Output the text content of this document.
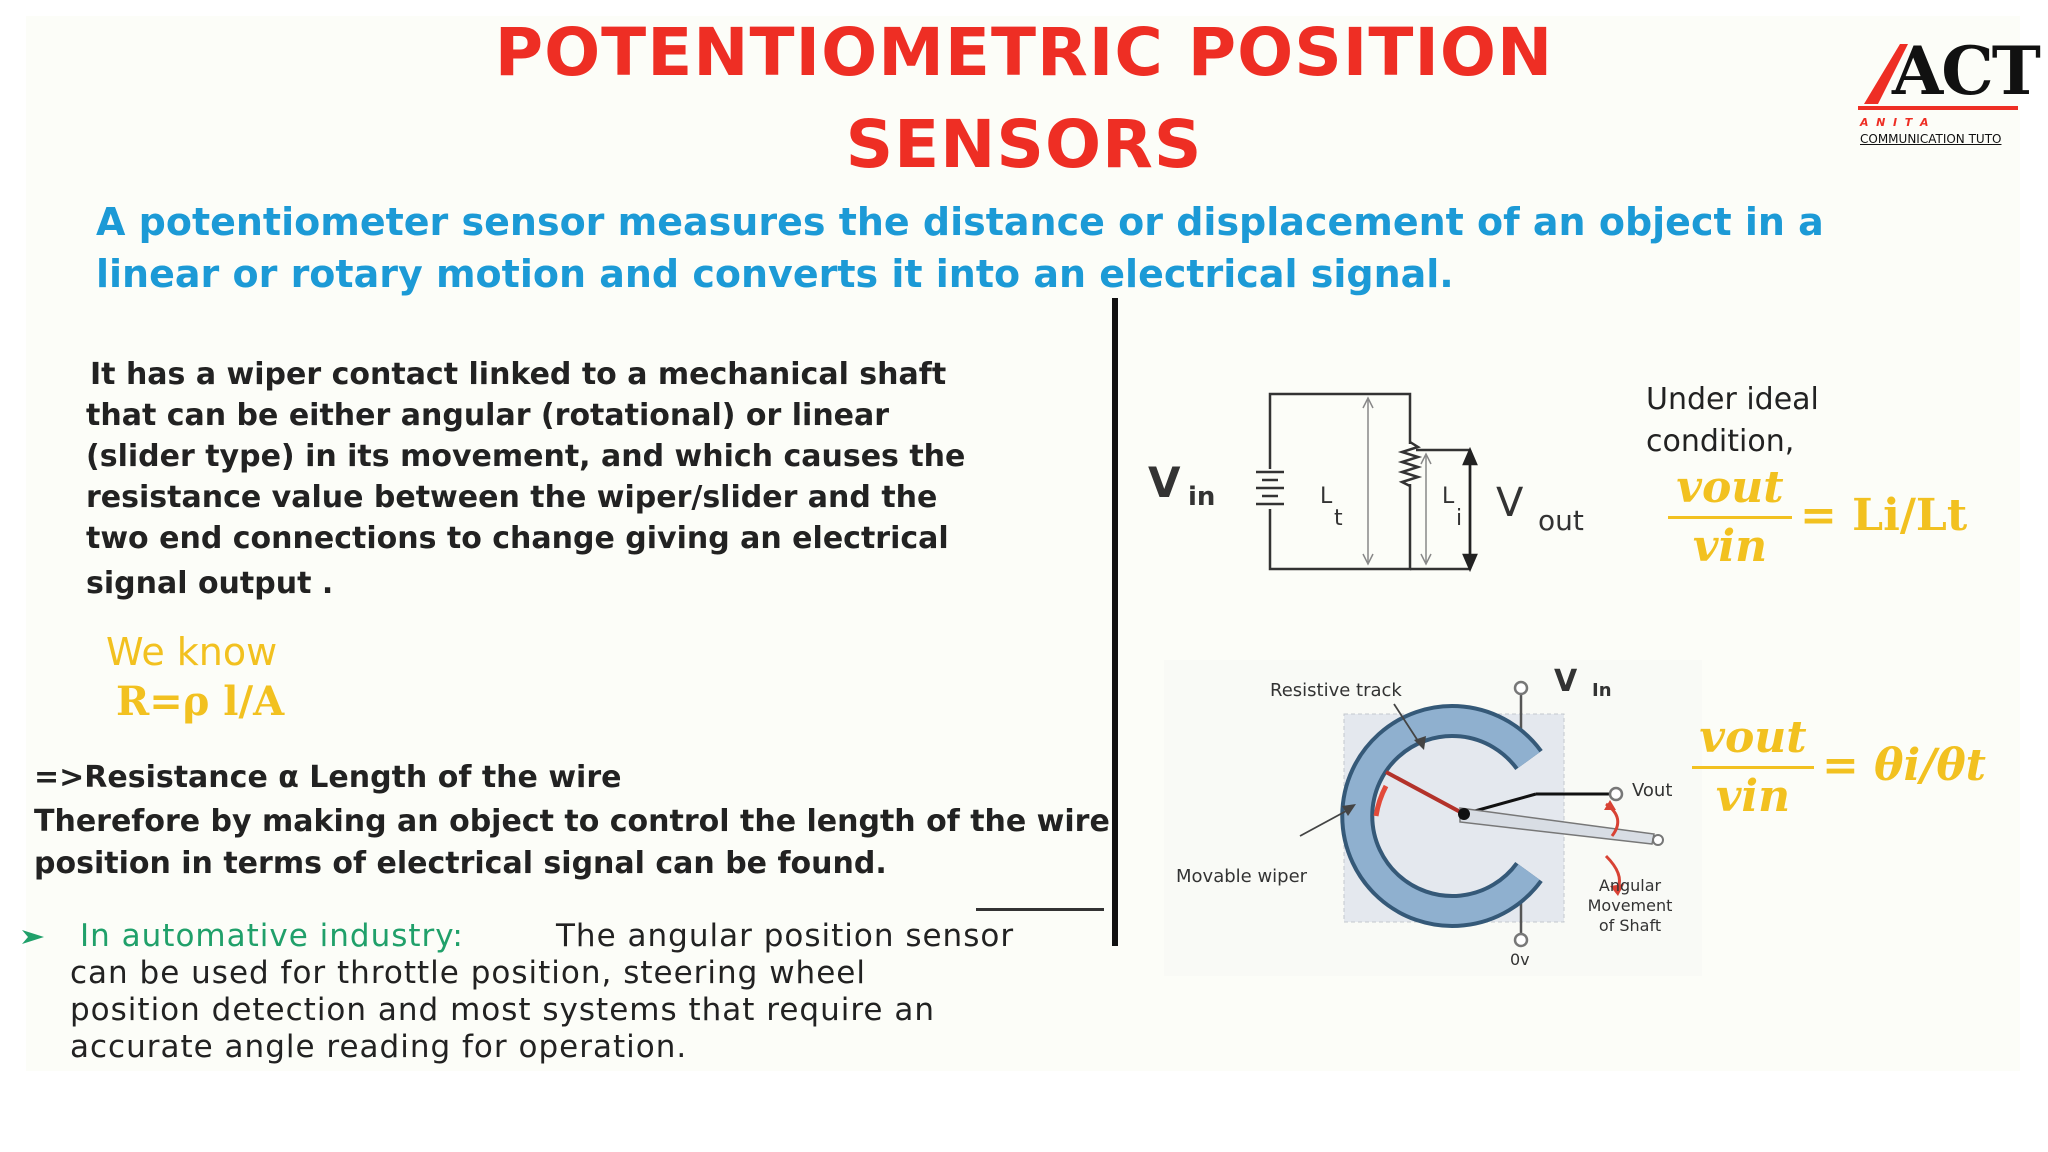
POTENTIOMETRIC POSITION
SENSORS
ACT
A  N  I  T  A
COMMUNICATION TUTO
A potentiometer sensor measures the distance or displacement of an object in a
linear or rotary motion and converts it into an electrical signal.
It has a wiper contact linked to a mechanical shaft
that can be either angular (rotational) or linear
(slider type) in its movement, and which causes the
resistance value between the wiper/slider and the
two end connections to change giving an electrical
signal output .
We know
R=ρ l/A
=>Resistance α Length of the wire
Therefore by making an object to control the length of the wire
position in terms of electrical signal can be found.
In automative industry:	The angular position sensor
can be used for throttle position, steering wheel
position detection and most systems that require an
accurate angle reading for operation.
V in	L
t
L
i V out
Under ideal
condition,
vout
vin
= Li/Lt
Resistive track	V In
Vout
Movable wiper	Angular
Movement
of Shaft
0v
vout
vin
= θi/θt
